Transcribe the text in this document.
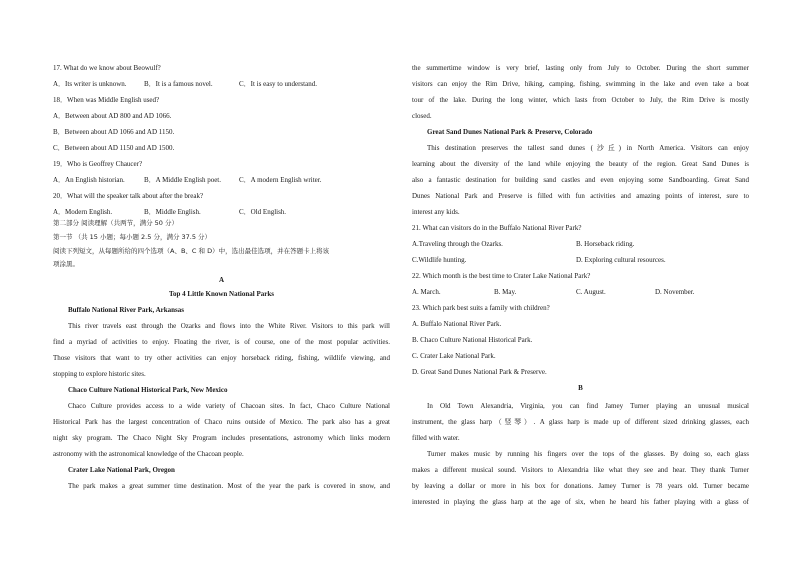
17. What do we know about Beowulf?
A．Its writer is unknown.	B．It is a famous novel.	C．It is easy to understand.
18．When was Middle English used?
A．Between about AD 800 and AD 1066.
B．Between about AD 1066 and AD 1150.
C．Between about AD 1150 and AD 1500.
19．Who is Geoffrey Chaucer?
A．An English historian.	B．A Middle English poet.	C．A modern English writer.
20．What will the speaker talk about after the break?
A．Modern English.	B．Middle English.	C．Old English.
第二部分 阅读理解（共两节，满分 50 分）
第一节 （共 15 小题；每小题 2.5 分，满分 37.5 分）
阅读下列短文，从每题所给的四个选项（A、B、C 和 D）中，选出最佳选项，并在答题卡上将该
项涂黑。
A
Top 4 Little Known National Parks
Buffalo National River Park, Arkansas
This river travels east through the Ozarks and flows into the White River. Visitors to this park will
find a myriad of activities to enjoy. Floating the river, is of course, one of the most popular activities.
Those visitors that want to try other activities can enjoy horseback riding, fishing, wildlife viewing, and
stopping to explore historic sites.
Chaco Culture National Historical Park, New Mexico
Chaco Culture provides access to a wide variety of Chacoan sites. In fact, Chaco Culture National
Historical Park has the largest concentration of Chaco ruins outside of Mexico. The park also has a great
night sky program. The Chaco Night Sky Program includes presentations, astronomy which links modern
astronomy with the astronomical knowledge of the Chacoan people.
Crater Lake National Park, Oregon
The park makes a great summer time destination. Most of the year the park is covered in snow, and
the summertime window is very brief, lasting only from July to October. During the short summer
visitors can enjoy the Rim Drive, hiking, camping, fishing, swimming in the lake and even take a boat
tour of the lake. During the long winter, which lasts from October to July, the Rim Drive is mostly
closed.
Great Sand Dunes National Park & Preserve, Colorado
This destination preserves the tallest sand dunes (沙丘) in North America. Visitors can enjoy
learning about the diversity of the land while enjoying the beauty of the region. Great Sand Dunes is
also a fantastic destination for building sand castles and even enjoying some Sandboarding. Great Sand
Dunes National Park and Preserve is filled with fun activities and amazing points of interest, sure to
interest any kids.
21. What can visitors do in the Buffalo National River Park?
A.Traveling through the Ozarks.	B. Horseback riding.
C.Wildlife hunting.	D. Exploring cultural resources.
22. Which month is the best time to Crater Lake National Park?
A. March.	B. May.	C. August.	D. November.
23. Which park best suits a family with children?
A. Buffalo National River Park.
B. Chaco Culture National Historical Park.
C. Crater Lake National Park.
D. Great Sand Dunes National Park & Preserve.
B
In Old Town Alexandria, Virginia, you can find Jamey Turner playing an unusual musical
instrument, the glass harp（竖琴）. A glass harp is made up of different sized drinking glasses, each
filled with water.
Turner makes music by running his fingers over the tops of the glasses. By doing so, each glass
makes a different musical sound. Visitors to Alexandria like what they see and hear. They thank Turner
by leaving a dollar or more in his box for donations. Jamey Turner is 78 years old. Turner became
interested in playing the glass harp at the age of six, when he heard his father playing with a glass of
